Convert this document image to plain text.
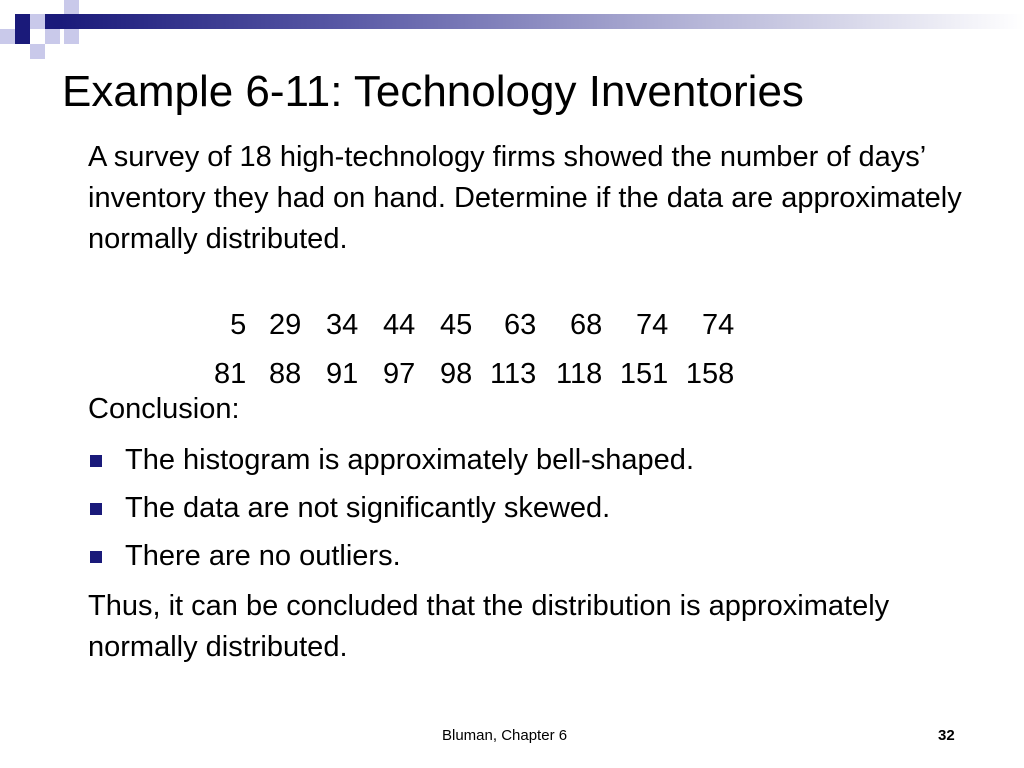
Example 6-11: Technology Inventories

A survey of 18 high-technology firms showed the number of days’ inventory they had on hand. Determine if the data are approximately normally distributed.

5 29 34 44 45 63 68 74 74

81 88 91 97 98 113 118 151 158

Conclusion:

The histogram is approximately bell-shaped.
The data are not significantly skewed.
There are no outliers.

Thus, it can be concluded that the distribution is approximately normally distributed.

Bluman, Chapter 6	32
